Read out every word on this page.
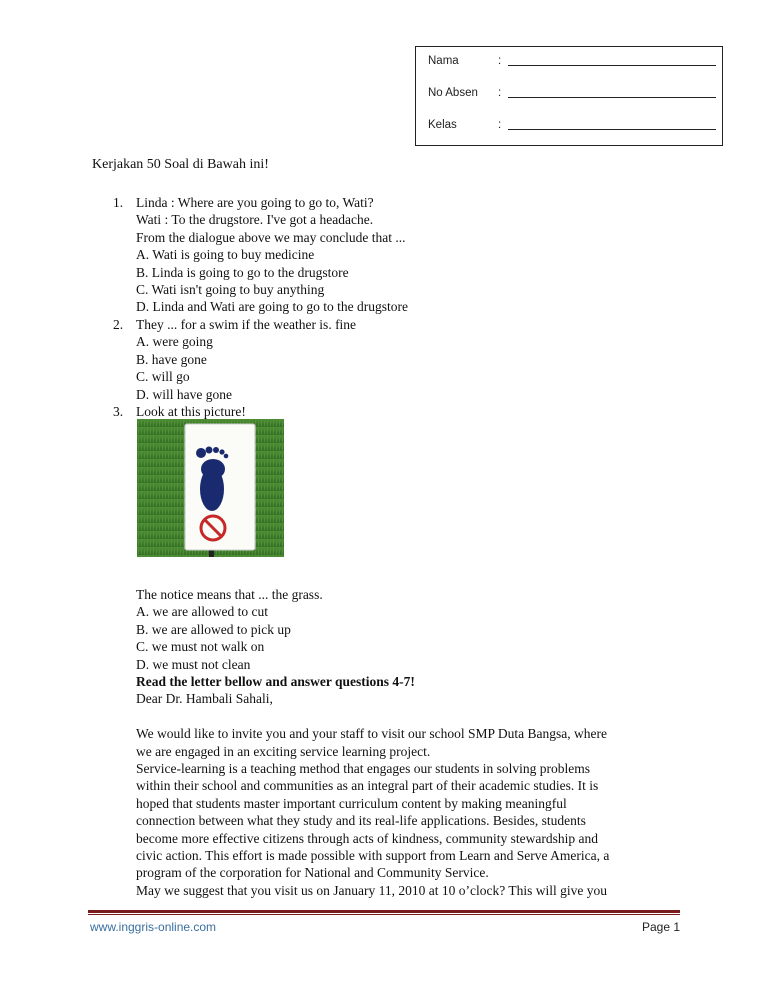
Nama	:
No Absen	:
Kelas	:
Kerjakan 50 Soal di Bawah ini!
1. Linda : Where are you going to go to, Wati?
Wati : To the drugstore. I've got a headache.
From the dialogue above we may conclude that ...
A. Wati is going to buy medicine
B. Linda is going to go to the drugstore
C. Wati isn't going to buy anything
D. Linda and Wati are going to go to the drugstore
2. They ... for a swim if the weather is. fine
A. were going
B. have gone
C. will go
D. will have gone
3. Look at this picture!
The notice means that ... the grass.
A. we are allowed to cut
B. we are allowed to pick up
C. we must not walk on
D. we must not clean
Read the letter bellow and answer questions 4-7!
Dear Dr. Hambali Sahali,
We would like to invite you and your staff to visit our school SMP Duta Bangsa, where
we are engaged in an exciting service learning project.
Service-learning is a teaching method that engages our students in solving problems
within their school and communities as an integral part of their academic studies. It is
hoped that students master important curriculum content by making meaningful
connection between what they study and its real-life applications. Besides, students
become more effective citizens through acts of kindness, community stewardship and
civic action. This effort is made possible with support from Learn and Serve America, a
program of the corporation for National and Community Service.
May we suggest that you visit us on January 11, 2010 at 10 o’clock? This will give you
www.inggris-online.com	Page 1
